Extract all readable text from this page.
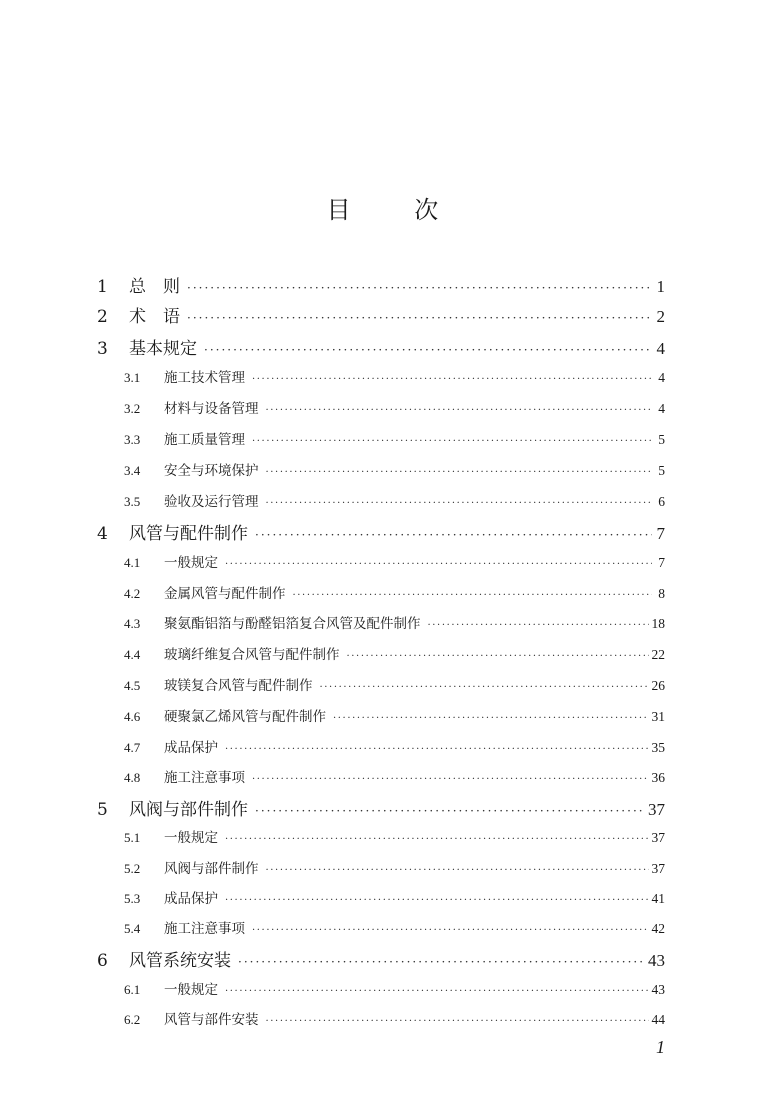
目 次
1	总　则 ·····	1
2	术　语 ·····	2
3	基本规定 ·····	4
3.1	施工技术管理 ·····	4
3.2	材料与设备管理 ·····	4
3.3	施工质量管理 ·····	5
3.4	安全与环境保护 ·····	5
3.5	验收及运行管理 ·····	6
4	风管与配件制作 ·····	7
4.1	一般规定 ·····	7
4.2	金属风管与配件制作 ·····	8
4.3	聚氨酯铝箔与酚醛铝箔复合风管及配件制作 ·····	18
4.4	玻璃纤维复合风管与配件制作 ·····	22
4.5	玻镁复合风管与配件制作 ·····	26
4.6	硬聚氯乙烯风管与配件制作 ·····	31
4.7	成品保护 ·····	35
4.8	施工注意事项 ·····	36
5	风阀与部件制作 ·····	37
5.1	一般规定 ·····	37
5.2	风阀与部件制作 ·····	37
5.3	成品保护 ·····	41
5.4	施工注意事项 ·····	42
6	风管系统安装 ·····	43
6.1	一般规定 ·····	43
6.2	风管与部件安装 ·····	44
1
